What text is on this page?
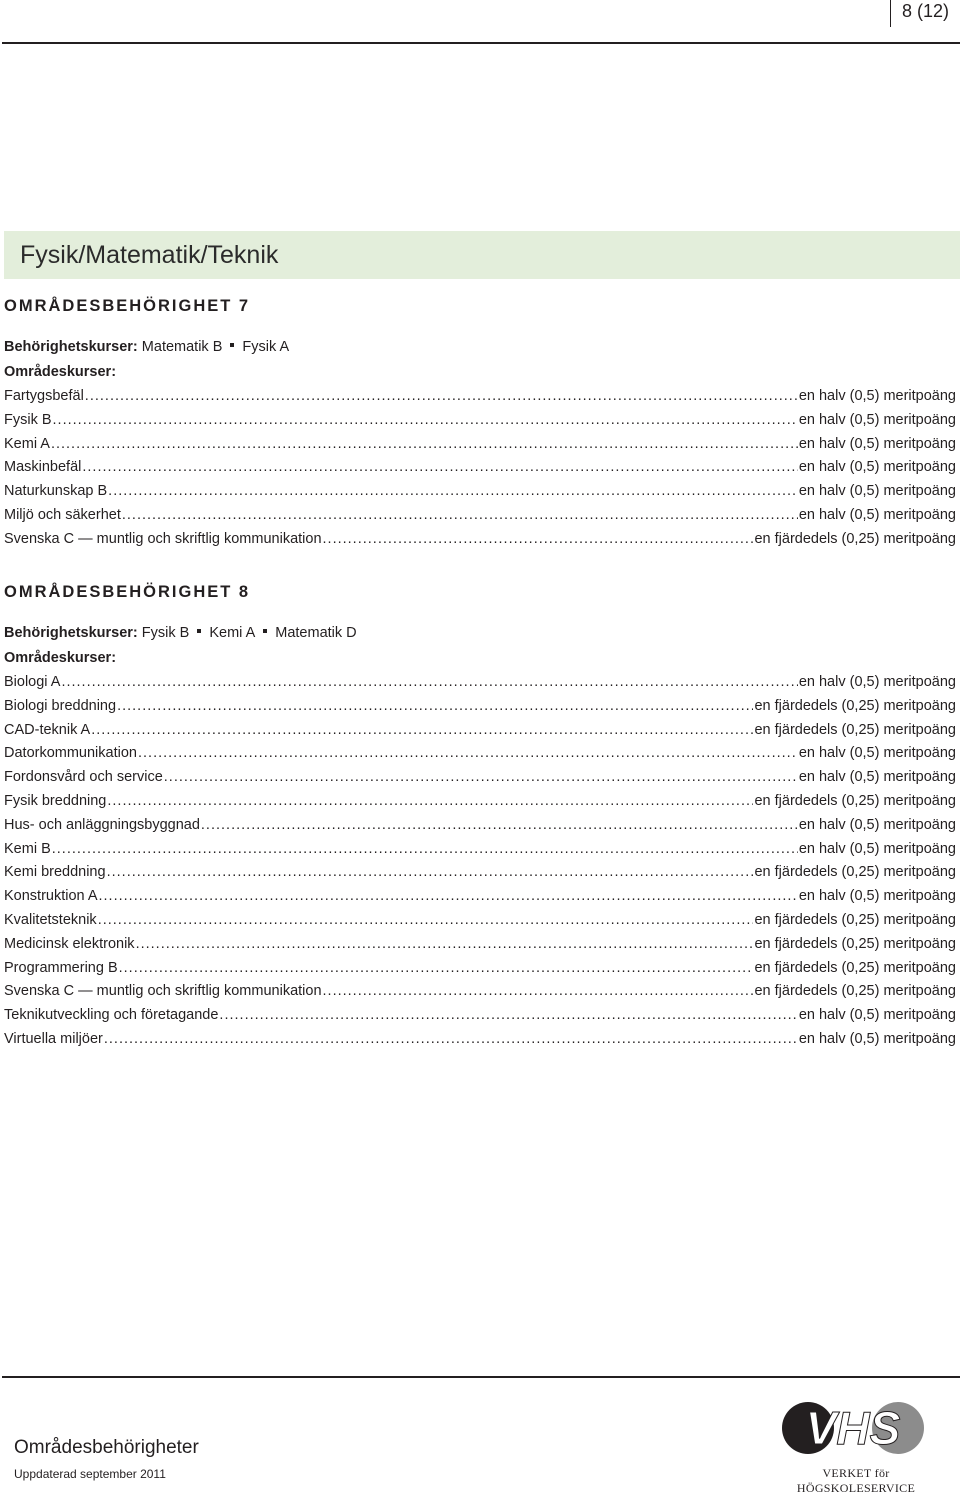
8 (12)
Fysik/Matematik/Teknik
OMRÅDESBEHÖRIGHET 7
Behörighetskurser: Matematik B Fysik A
Områdeskurser:
Fartygsbefäl .....	en halv (0,5) meritpoäng
Fysik B .....	en halv (0,5) meritpoäng
Kemi A .....	en halv (0,5) meritpoäng
Maskinbefäl .....	en halv (0,5) meritpoäng
Naturkunskap B .....	en halv (0,5) meritpoäng
Miljö och säkerhet .....	en halv (0,5) meritpoäng
Svenska C — muntlig och skriftlig kommunikation .....	en fjärdedels (0,25) meritpoäng
OMRÅDESBEHÖRIGHET 8
Behörighetskurser: Fysik B Kemi A Matematik D
Områdeskurser:
Biologi A .....	en halv (0,5) meritpoäng
Biologi breddning .....	en fjärdedels (0,25) meritpoäng
CAD-teknik A .....	en fjärdedels (0,25) meritpoäng
Datorkommunikation .....	en halv (0,5) meritpoäng
Fordonsvård och service .....	en halv (0,5) meritpoäng
Fysik breddning .....	en fjärdedels (0,25) meritpoäng
Hus- och anläggningsbyggnad .....	en halv (0,5) meritpoäng
Kemi B .....	en halv (0,5) meritpoäng
Kemi breddning .....	en fjärdedels (0,25) meritpoäng
Konstruktion A .....	en halv (0,5) meritpoäng
Kvalitetsteknik .....	en fjärdedels (0,25) meritpoäng
Medicinsk elektronik .....	en fjärdedels (0,25) meritpoäng
Programmering B .....	en fjärdedels (0,25) meritpoäng
Svenska C — muntlig och skriftlig kommunikation .....	en fjärdedels (0,25) meritpoäng
Teknikutveckling och företagande .....	en halv (0,5) meritpoäng
Virtuella miljöer .....	en halv (0,5) meritpoäng
Områdesbehörigheter
Uppdaterad september 2011
VHS
VERKET för HÖGSKOLESERVICE
